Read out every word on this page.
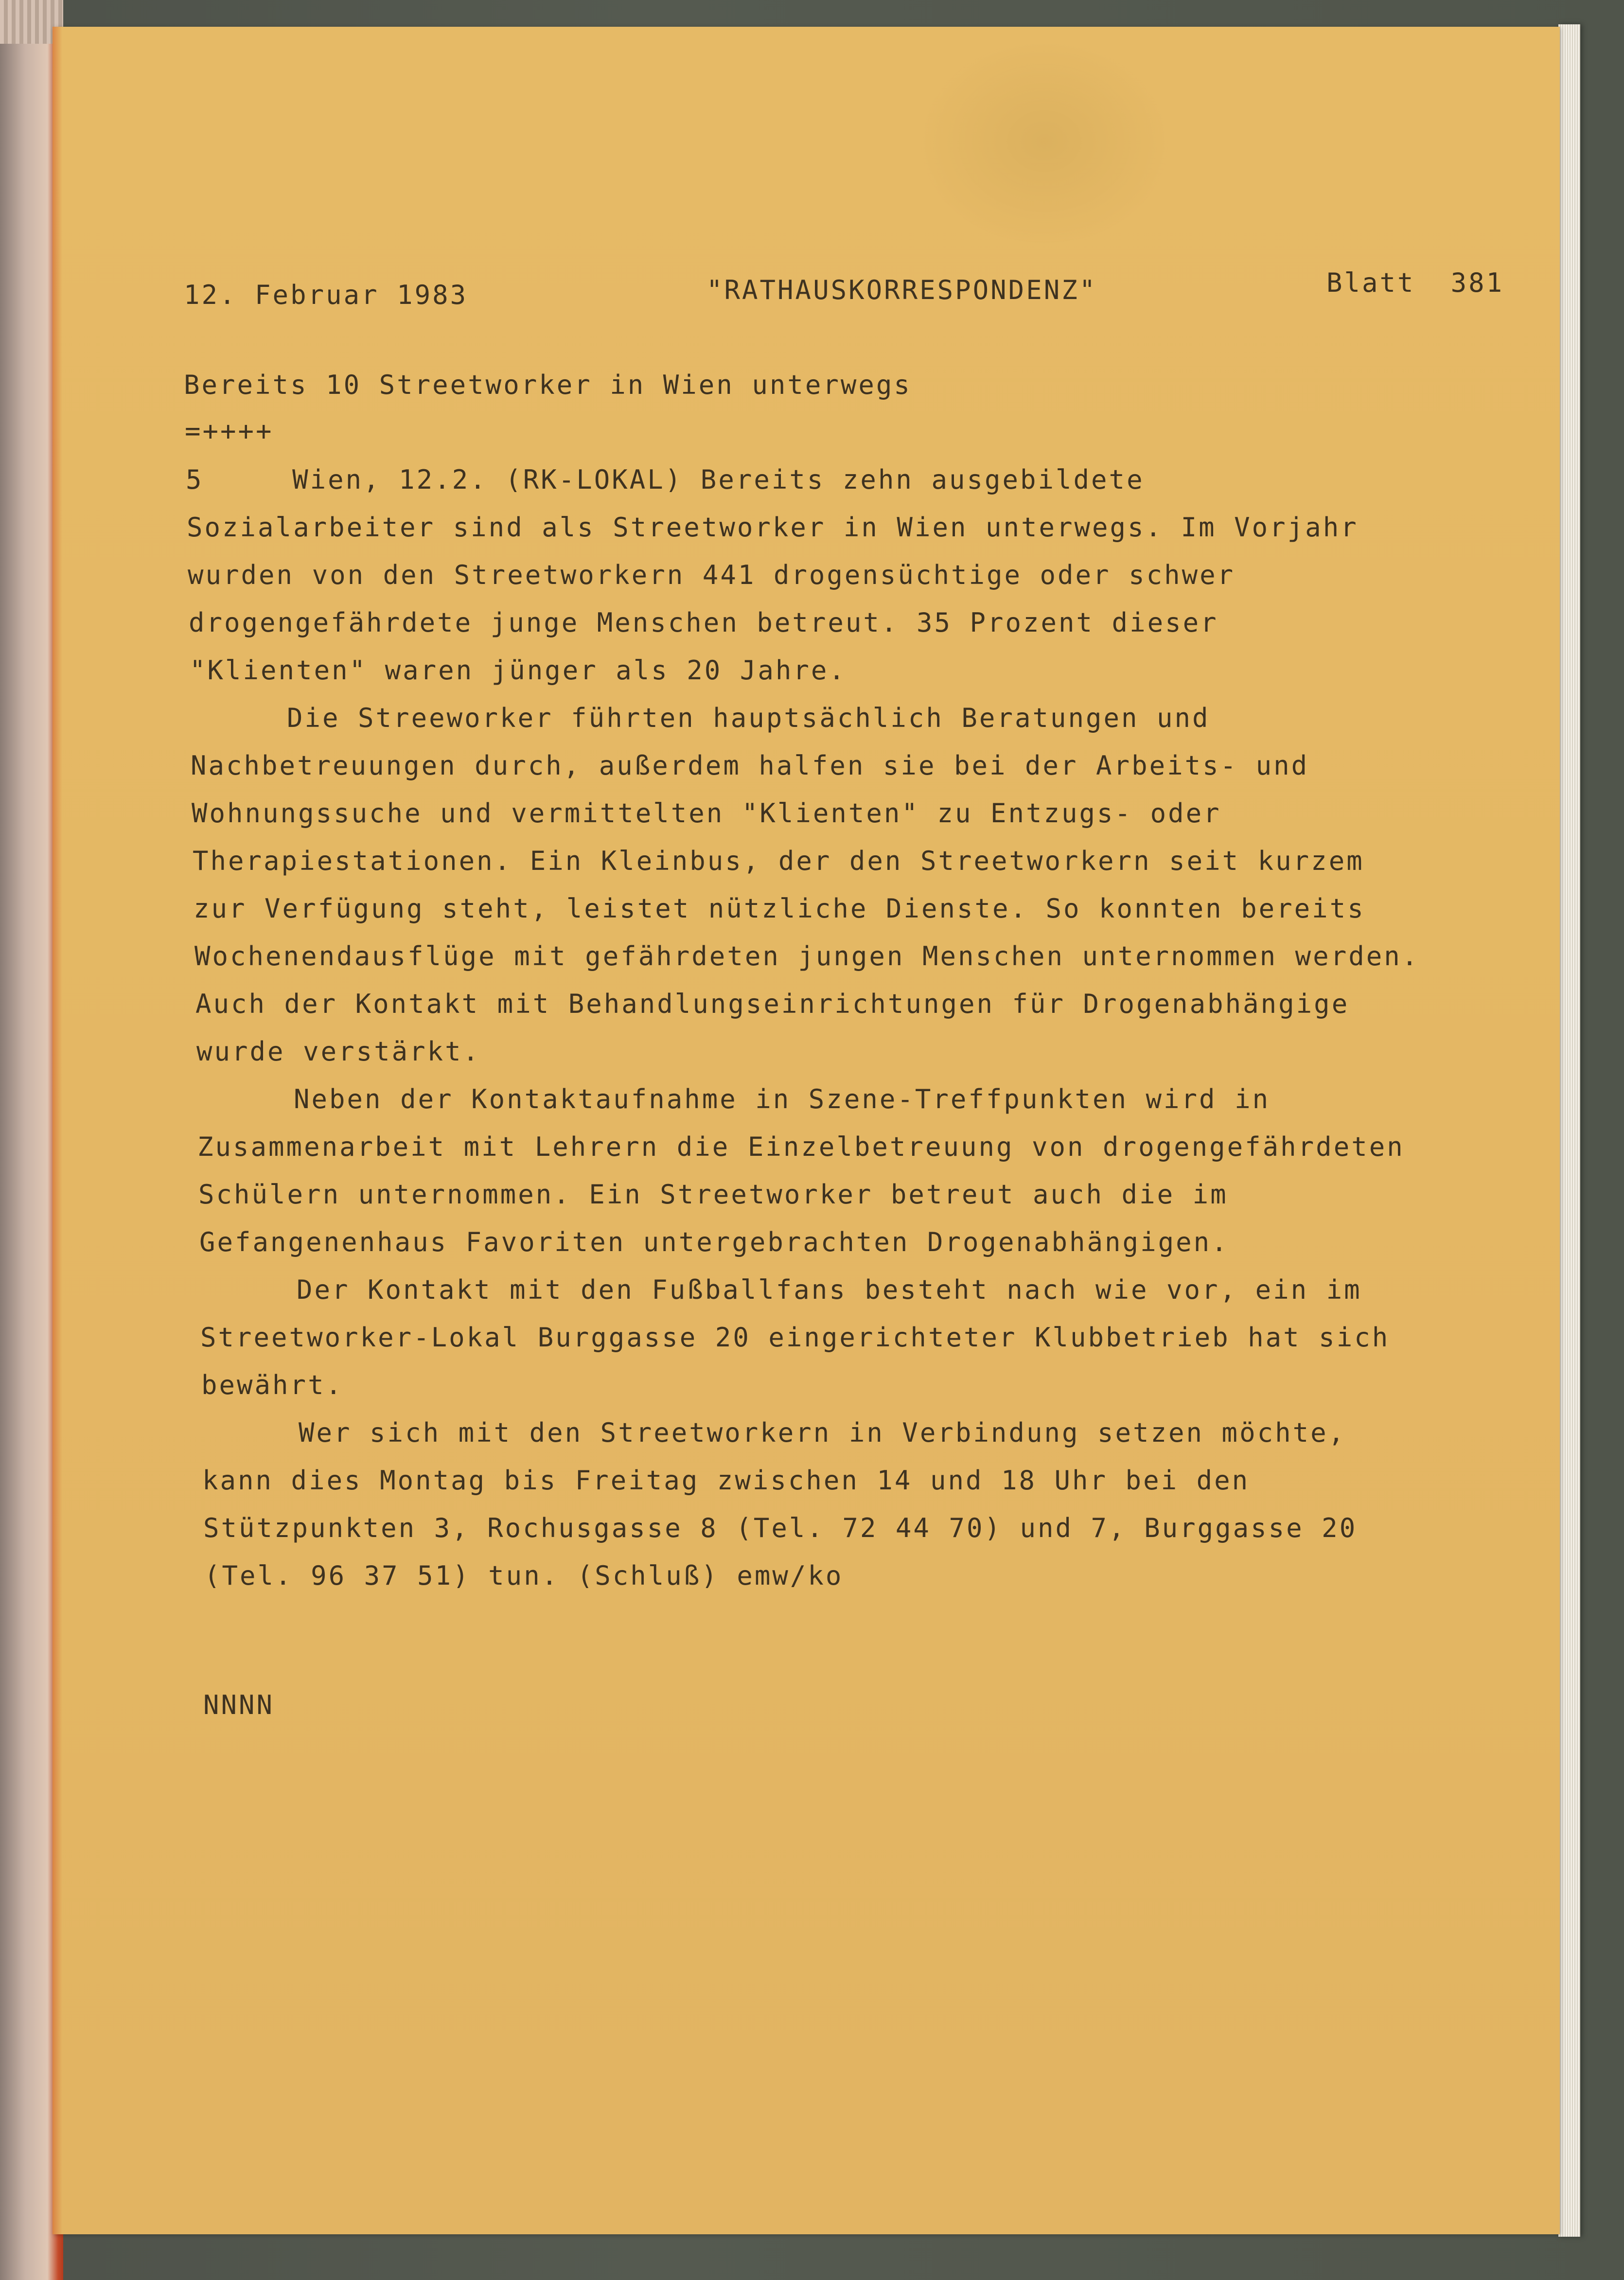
12. Februar 1983

	"RATHAUSKORRESPONDENZ"

	Blatt  381

Bereits 10 Streetworker in Wien unterwegs

=++++

5     Wien, 12.2. (RK-LOKAL) Bereits zehn ausgebildete

Sozialarbeiter sind als Streetworker in Wien unterwegs. Im Vorjahr

wurden von den Streetworkern 441 drogensüchtige oder schwer

drogengefährdete junge Menschen betreut. 35 Prozent dieser

"Klienten" waren jünger als 20 Jahre.

Die Streeworker führten hauptsächlich Beratungen und

Nachbetreuungen durch, außerdem halfen sie bei der Arbeits- und

Wohnungssuche und vermittelten "Klienten" zu Entzugs- oder

Therapiestationen. Ein Kleinbus, der den Streetworkern seit kurzem

zur Verfügung steht, leistet nützliche Dienste. So konnten bereits

Wochenendausflüge mit gefährdeten jungen Menschen unternommen werden.

Auch der Kontakt mit Behandlungseinrichtungen für Drogenabhängige

wurde verstärkt.

Neben der Kontaktaufnahme in Szene-Treffpunkten wird in

Zusammenarbeit mit Lehrern die Einzelbetreuung von drogengefährdeten

Schülern unternommen. Ein Streetworker betreut auch die im

Gefangenenhaus Favoriten untergebrachten Drogenabhängigen.

Der Kontakt mit den Fußballfans besteht nach wie vor, ein im

Streetworker-Lokal Burggasse 20 eingerichteter Klubbetrieb hat sich

bewährt.

Wer sich mit den Streetworkern in Verbindung setzen möchte,

kann dies Montag bis Freitag zwischen 14 und 18 Uhr bei den

Stützpunkten 3, Rochusgasse 8 (Tel. 72 44 70) und 7, Burggasse 20

(Tel. 96 37 51) tun. (Schluß) emw/ko

NNNN
